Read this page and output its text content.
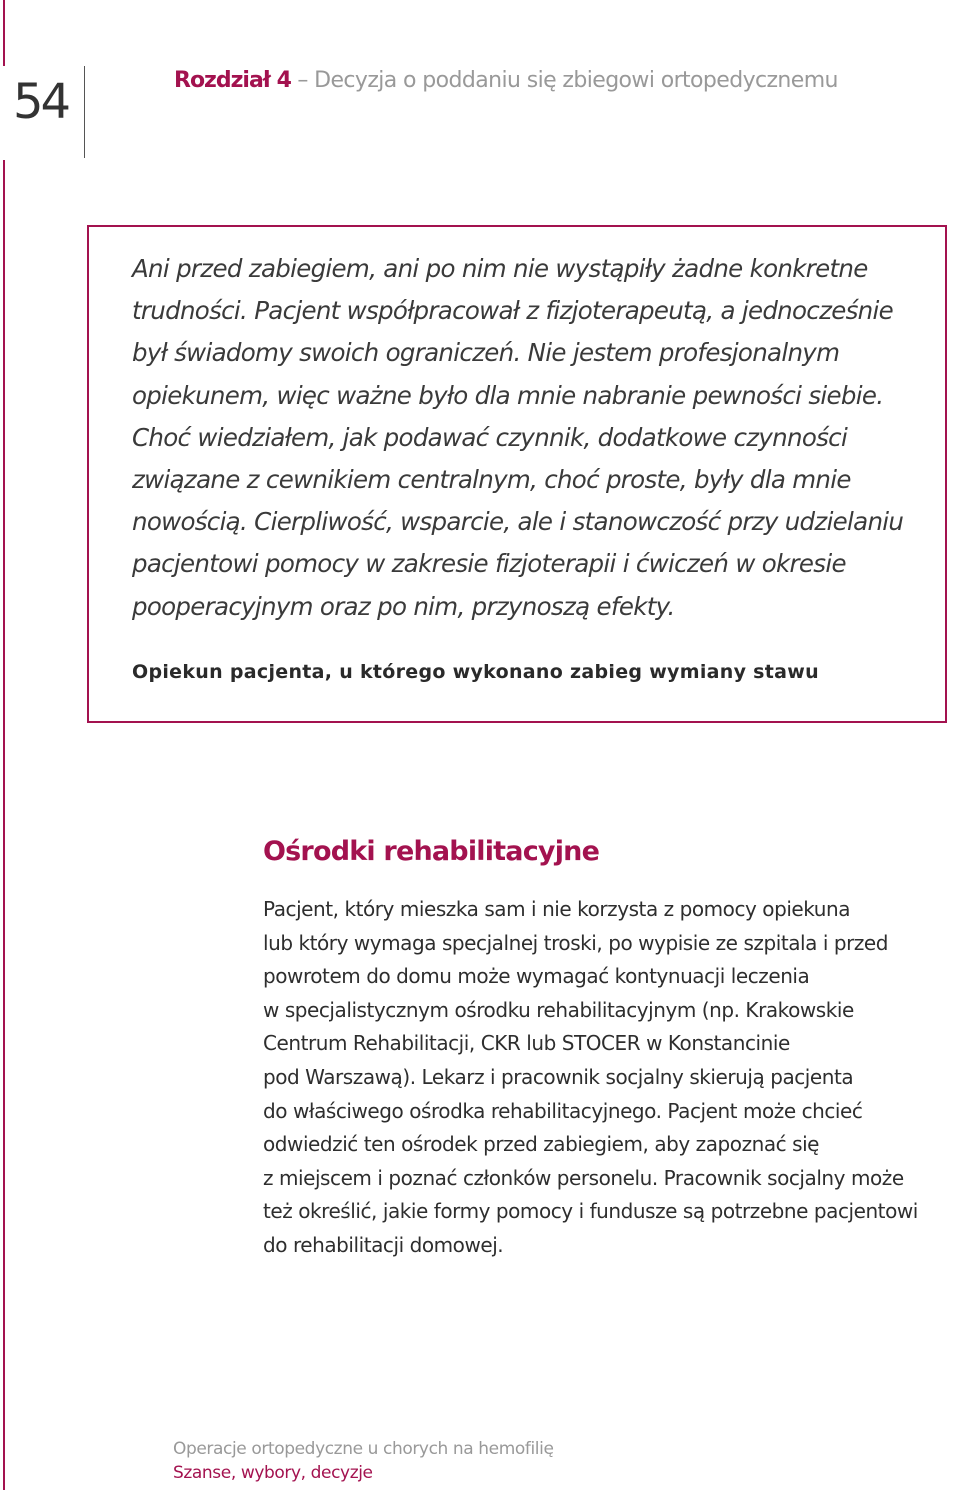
54	Rozdział 4 – Decyzja o poddaniu się zbiegowi ortopedycznemu

Ani przed zabiegiem, ani po nim nie wystąpiły żadne konkretne
trudności. Pacjent współpracował z fizjoterapeutą, a jednocześnie
był świadomy swoich ograniczeń. Nie jestem profesjonalnym
opiekunem, więc ważne było dla mnie nabranie pewności siebie.
Choć wiedziałem, jak podawać czynnik, dodatkowe czynności
związane z cewnikiem centralnym, choć proste, były dla mnie
nowością. Cierpliwość, wsparcie, ale i stanowczość przy udzielaniu
pacjentowi pomocy w zakresie fizjoterapii i ćwiczeń w okresie
pooperacyjnym oraz po nim, przynoszą efekty.

Opiekun pacjenta, u którego wykonano zabieg wymiany stawu
Ośrodki rehabilitacyjne

Pacjent, który mieszka sam i nie korzysta z pomocy opiekuna
lub który wymaga specjalnej troski, po wypisie ze szpitala i przed
powrotem do domu może wymagać kontynuacji leczenia
w specjalistycznym ośrodku rehabilitacyjnym (np. Krakowskie
Centrum Rehabilitacji, CKR lub STOCER w Konstancinie
pod Warszawą). Lekarz i pracownik socjalny skierują pacjenta
do właściwego ośrodka rehabilitacyjnego. Pacjent może chcieć
odwiedzić ten ośrodek przed zabiegiem, aby zapoznać się
z miejscem i poznać członków personelu. Pracownik socjalny może
też określić, jakie formy pomocy i fundusze są potrzebne pacjentowi
do rehabilitacji domowej.

Operacje ortopedyczne u chorych na hemofilię
Szanse, wybory, decyzje
